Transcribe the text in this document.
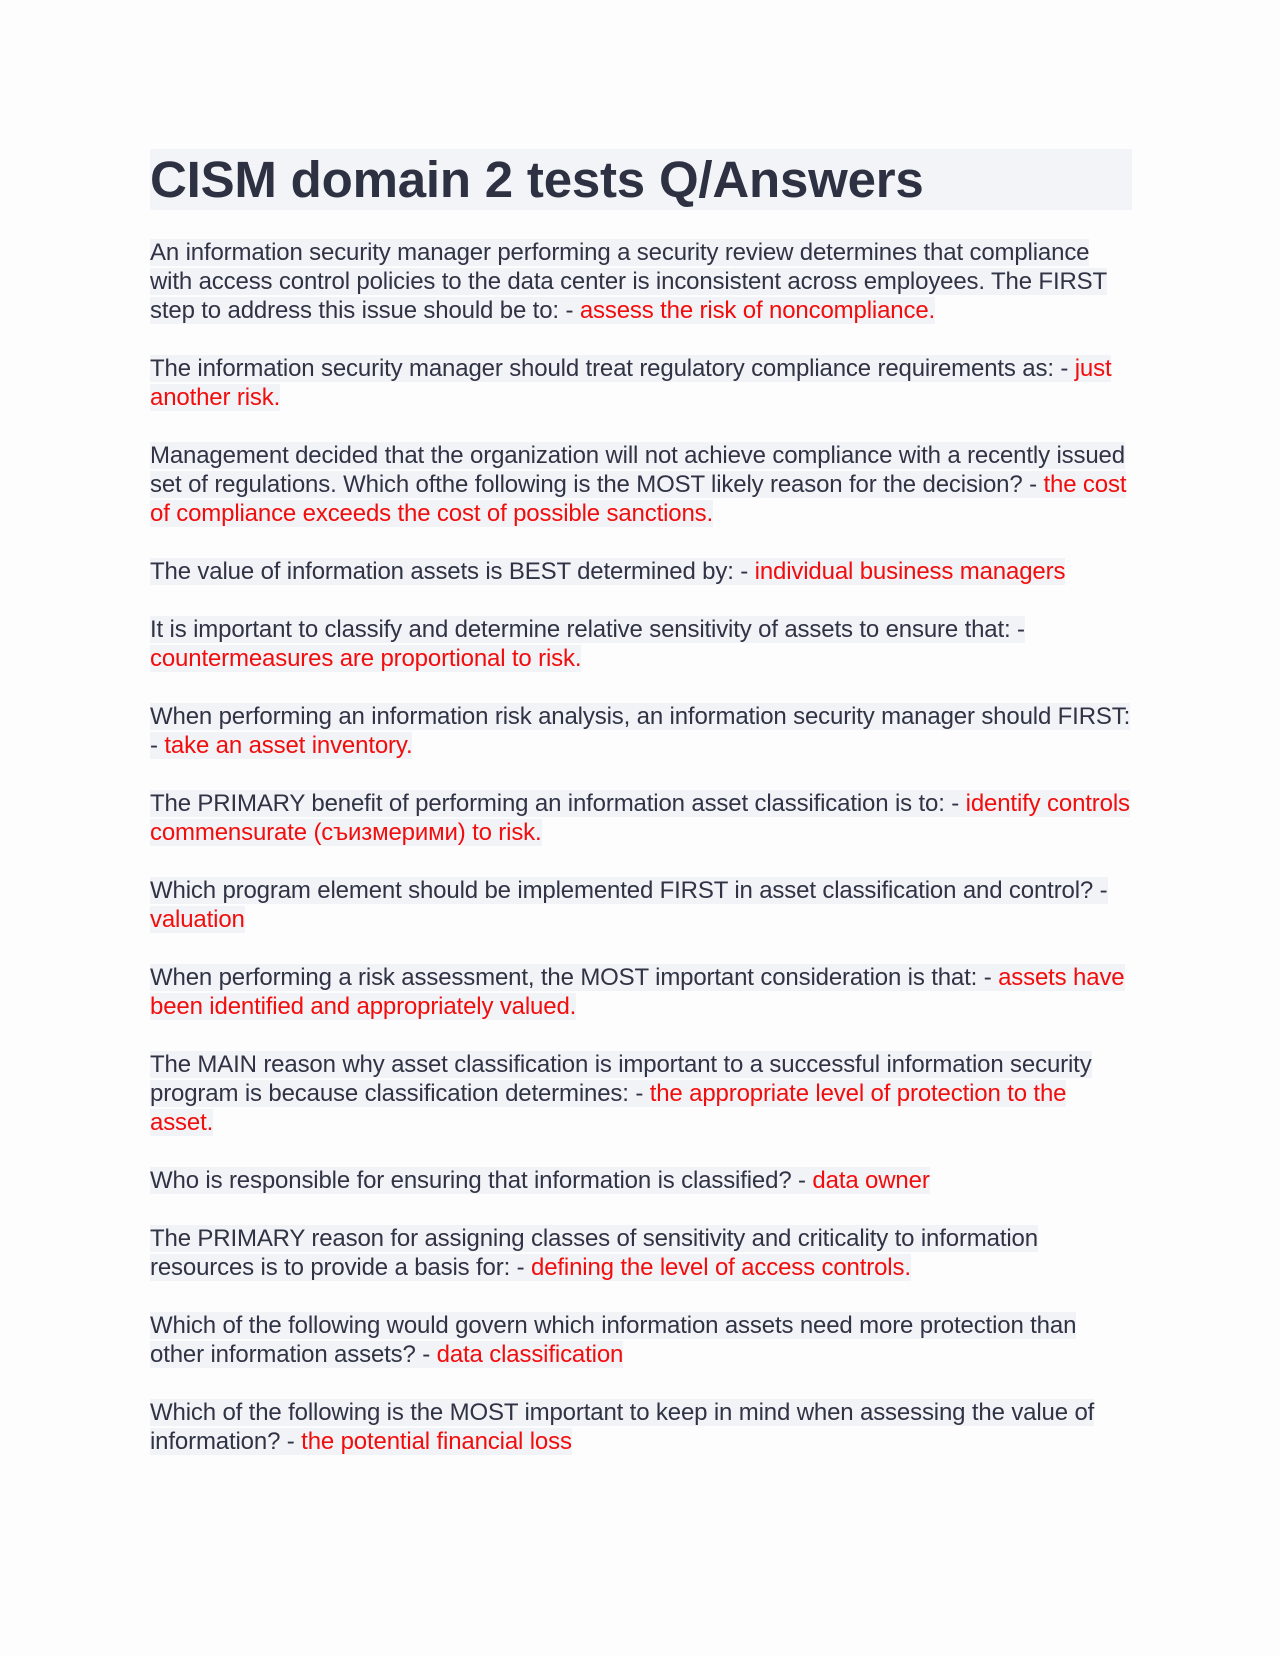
CISM domain 2 tests Q/Answers

An information security manager performing a security review determines that compliance with access control policies to the data center is inconsistent across employees. The FIRST step to address this issue should be to: - assess the risk of noncompliance.

The information security manager should treat regulatory compliance requirements as: - just another risk.

Management decided that the organization will not achieve compliance with a recently issued set of regulations. Which ofthe following is the MOST likely reason for the decision? - the cost of compliance exceeds the cost of possible sanctions.

The value of information assets is BEST determined by: - individual business managers

It is important to classify and determine relative sensitivity of assets to ensure that: - countermeasures are proportional to risk.

When performing an information risk analysis, an information security manager should FIRST: - take an asset inventory.

The PRIMARY benefit of performing an information asset classification is to: - identify controls commensurate (съизмерими) to risk.

Which program element should be implemented FIRST in asset classification and control? - valuation

When performing a risk assessment, the MOST important consideration is that: - assets have been identified and appropriately valued.

The MAIN reason why asset classification is important to a successful information security program is because classification determines: - the appropriate level of protection to the asset.

Who is responsible for ensuring that information is classified? - data owner

The PRIMARY reason for assigning classes of sensitivity and criticality to information resources is to provide a basis for: - defining the level of access controls.

Which of the following would govern which information assets need more protection than other information assets? - data classification

Which of the following is the MOST important to keep in mind when assessing the value of information? - the potential financial loss
